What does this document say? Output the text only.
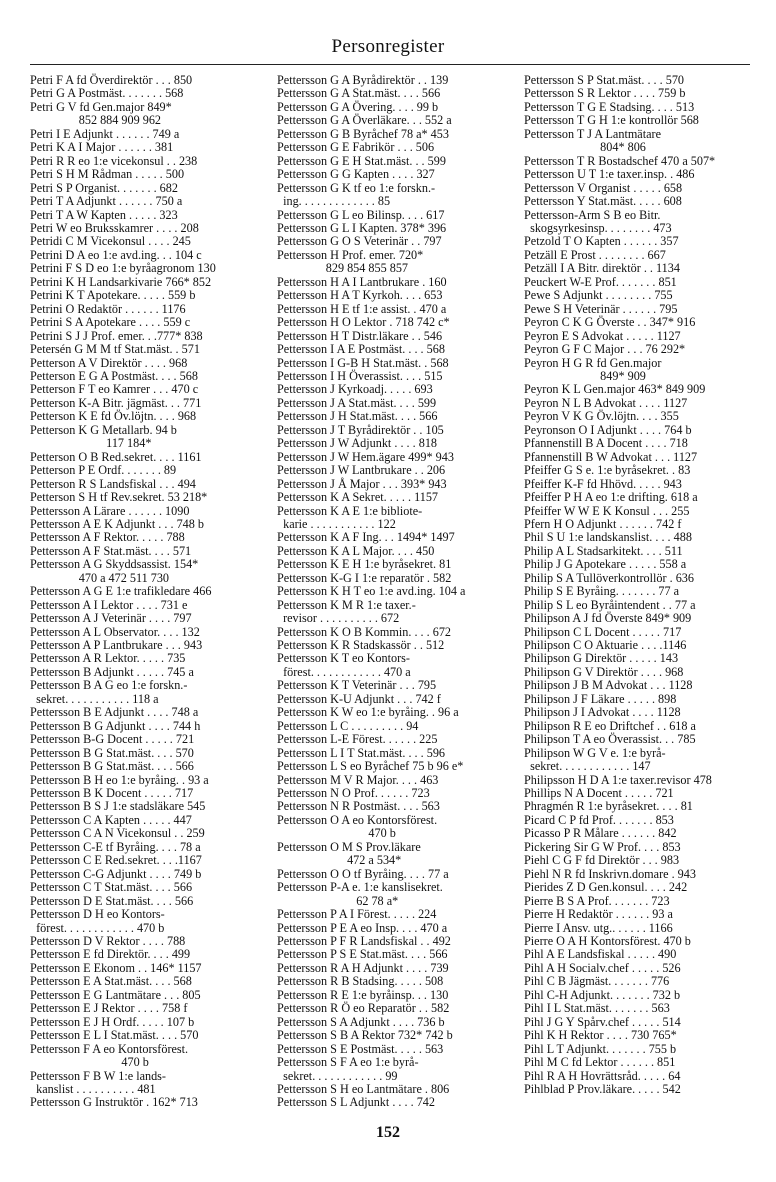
Personregister
Petri F A fd Överdirektör . . . 850
Petri G A Postmäst. . . . . . . 568
Petri G V fd Gen.major 849*
852 884 909 962
Petri I E Adjunkt . . . . . . 749 a
Petri K A I Major . . . . . . 381
Petri R R eo 1:e vicekonsul . . 238
Petri S H M Rådman . . . . . 500
Petri S P Organist. . . . . . . 682
Petri T A Adjunkt . . . . . . 750 a
Petri T A W Kapten . . . . . 323
Petri W eo Bruksskamrer . . . . 208
Petridi C M Vicekonsul . . . . 245
Petrini D A eo 1:e avd.ing. . . 104 c
Petrini F S D eo 1:e byråagronom 130
Petrini K H Landsarkivarie 766* 852
Petrini K T Apotekare. . . . . 559 b
Petrini O Redaktör . . . . . . 1176
Petrini S A Apotekare . . . . 559 c
Petrini S J J Prof. emer. . .777* 838
Petersén G M M tf Stat.mäst. . 571
Petterson A V Direktör . . . . 968
Petterson E G A Postmäst. . . . 568
Petterson F T eo Kamrer . . . 470 c
Petterson K-A Bitr. jägmäst. . . 771
Petterson K E fd Öv.löjtn. . . . 968
Petterson K G Metallarb. 94 b
117 184*
Petterson O B Red.sekret. . . . 1161
Petterson P E Ordf. . . . . . . 89
Petterson R S Landsfiskal . . . 494
Petterson S H tf Rev.sekret. 53 218*
Pettersson A Lärare . . . . . . 1090
Pettersson A E K Adjunkt . . . 748 b
Pettersson A F Rektor. . . . . 788
Pettersson A F Stat.mäst. . . . 571
Pettersson A G Skyddsassist. 154*
470 a 472 511 730
Pettersson A G E 1:e trafikledare 466
Pettersson A I Lektor . . . . 731 e
Pettersson A J Veterinär . . . . 797
Pettersson A L Observator. . . . 132
Pettersson A P Lantbrukare . . . 943
Pettersson A R Lektor. . . . . 735
Pettersson B Adjunkt . . . . . 745 a
Pettersson B A G eo 1:e forskn.-
sekret. . . . . . . . . . . 118 a
Pettersson B E Adjunkt . . . . 748 a
Pettersson B G Adjunkt . . . . 744 h
Pettersson B-G Docent . . . . . 721
Pettersson B G Stat.mäst. . . . 570
Pettersson B G Stat.mäst. . . . 566
Pettersson B H eo 1:e byråing. . 93 a
Pettersson B K Docent . . . . . 717
Pettersson B S J 1:e stadsläkare 545
Pettersson C A Kapten . . . . . 447
Pettersson C A N Vicekonsul . . 259
Pettersson C-E tf Byråing. . . . 78 a
Pettersson C E Red.sekret. . . .1167
Pettersson C-G Adjunkt . . . . 749 b
Pettersson C T Stat.mäst. . . . 566
Pettersson D E Stat.mäst. . . . 566
Pettersson D H eo Kontors-
förest. . . . . . . . . . . . 470 b
Pettersson D V Rektor . . . . 788
Pettersson E fd Direktör. . . . 499
Pettersson E Ekonom . . 146* 1157
Pettersson E A Stat.mäst. . . . 568
Pettersson E G Lantmätare . . . 805
Pettersson E J Rektor . . . . 758 f
Pettersson E J H Ordf. . . . . 107 b
Pettersson E L I Stat.mäst. . . . 570
Pettersson F A eo Kontorsförest.
470 b
Pettersson F B W 1:e lands-
kanslist . . . . . . . . . . 481
Pettersson G Instruktör . 162* 713
Pettersson G A Byrådirektör . . 139
Pettersson G A Stat.mäst. . . . 566
Pettersson G A Övering. . . . 99 b
Pettersson G A Överläkare. . . 552 a
Pettersson G B Byråchef 78 a* 453
Pettersson G E Fabrikör . . . 506
Pettersson G E H Stat.mäst. . . 599
Pettersson G G Kapten . . . . 327
Pettersson G K tf eo 1:e forskn.-
ing. . . . . . . . . . . . . 85
Pettersson G L eo Bilinsp. . . . 617
Pettersson G L I Kapten. 378* 396
Pettersson G O S Veterinär . . 797
Pettersson H Prof. emer. 720*
829 854 855 857
Pettersson H A I Lantbrukare . 160
Pettersson H A T Kyrkoh. . . . 653
Pettersson H E tf 1:e assist. . 470 a
Pettersson H O Lektor . 718 742 c*
Pettersson H T Distr.läkare . . 546
Pettersson I A E Postmäst. . . . 568
Pettersson I G-B H Stat.mäst. . 568
Pettersson I H Överassist. . . . 515
Pettersson J Kyrkoadj. . . . . 693
Pettersson J A Stat.mäst. . . . 599
Pettersson J H Stat.mäst. . . . 566
Pettersson J T Byrådirektör . . 105
Pettersson J W Adjunkt . . . . 818
Pettersson J W Hem.ägare 499* 943
Pettersson J W Lantbrukare . . 206
Pettersson J Å Major . . . 393* 943
Pettersson K A Sekret. . . . . 1157
Pettersson K A E 1:e bibliote-
karie . . . . . . . . . . . 122
Pettersson K A F Ing. . . 1494* 1497
Pettersson K A L Major. . . . 450
Pettersson K E H 1:e byråsekret. 81
Pettersson K-G I 1:e reparatör . 582
Pettersson K H T eo 1:e avd.ing. 104 a
Pettersson K M R 1:e taxer.-
revisor . . . . . . . . . . 672
Pettersson K O B Kommin. . . . 672
Pettersson K R Stadskassör . . 512
Pettersson K T eo Kontors-
förest. . . . . . . . . . . . 470 a
Pettersson K T Veterinär . . . 795
Pettersson K-U Adjunkt . . . 742 f
Pettersson K W eo 1:e byråing. . 96 a
Pettersson L C . . . . . . . . . 94
Pettersson L-E Förest. . . . . . 225
Pettersson L I T Stat.mäst. . . . 596
Pettersson L S eo Byråchef 75 b 96 e*
Pettersson M V R Major. . . . 463
Pettersson N O Prof. . . . . . 723
Pettersson N R Postmäst. . . . 563
Pettersson O A eo Kontorsförest.
470 b
Pettersson O M S Prov.läkare
472 a 534*
Pettersson O O tf Byråing. . . . 77 a
Pettersson P-A e. 1:e kanslisekret.
62 78 a*
Pettersson P A I Förest. . . . . 224
Pettersson P E A eo Insp. . . . 470 a
Pettersson P F R Landsfiskal . . 492
Pettersson P S E Stat.mäst. . . . 566
Pettersson R A H Adjunkt . . . . 739
Pettersson R B Stadsing. . . . . 508
Pettersson R E 1:e byråinsp. . . 130
Pettersson R Ö eo Reparatör . . 582
Pettersson S A Adjunkt . . . . 736 b
Pettersson S B A Rektor 732* 742 b
Pettersson S E Postmäst. . . . . 563
Pettersson S F A eo 1:e byrå-
sekret. . . . . . . . . . . . 99
Pettersson S H eo Lantmätare . 806
Pettersson S L Adjunkt . . . . 742
Pettersson S P Stat.mäst. . . . 570
Pettersson S R Lektor . . . . 759 b
Pettersson T G E Stadsing. . . . 513
Pettersson T G H 1:e kontrollör 568
Pettersson T J A Lantmätare
804* 806
Pettersson T R Bostadschef 470 a 507*
Pettersson U T 1:e taxer.insp. . 486
Pettersson V Organist . . . . . 658
Pettersson Y Stat.mäst. . . . . 608
Pettersson-Arm S B eo Bitr.
skogsyrkesinsp. . . . . . . . 473
Petzold T O Kapten . . . . . . 357
Petzäll E Prost . . . . . . . . 667
Petzäll I A Bitr. direktör . . 1134
Peuckert W-E Prof. . . . . . . 851
Pewe S Adjunkt . . . . . . . . 755
Pewe S H Veterinär . . . . . . 795
Peyron C K G Överste . . 347* 916
Peyron E S Advokat . . . . . 1127
Peyron G F C Major . . . 76 292*
Peyron H G R fd Gen.major
849* 909
Peyron K L Gen.major 463* 849 909
Peyron N L B Advokat . . . . 1127
Peyron V K G Öv.löjtn. . . . 355
Peyronson O I Adjunkt . . . . 764 b
Pfannenstill B A Docent . . . . 718
Pfannenstill B W Advokat . . . 1127
Pfeiffer G S e. 1:e byråsekret. . 83
Pfeiffer K-F fd Hhövd. . . . . 943
Pfeiffer P H A eo 1:e drifting. 618 a
Pfeiffer W W E K Konsul . . . 255
Pfern H O Adjunkt . . . . . . 742 f
Phil S U 1:e landskanslist. . . . 488
Philip A L Stadsarkitekt. . . . 511
Philip J G Apotekare . . . . . 558 a
Philip S A Tullöverkontrollör . 636
Philip S E Byråing. . . . . . . 77 a
Philip S L eo Byråintendent . . 77 a
Philipson A J fd Överste 849* 909
Philipson C L Docent . . . . . 717
Philipson C O Aktuarie . . . .1146
Philipson G Direktör . . . . . 143
Philipson G V Direktör . . . . 968
Philipson J B M Advokat . . . 1128
Philipson J F Läkare . . . . . 898
Philipson J I Advokat . . . . 1128
Philipson R E eo Driftchef . . 618 a
Philipson T A eo Överassist. . . 785
Philipson W G V e. 1:e byrå-
sekret. . . . . . . . . . . . 147
Philipsson H D A 1:e taxer.revisor 478
Phillips N A Docent . . . . . 721
Phragmén R 1:e byråsekret. . . . 81
Picard C P fd Prof. . . . . . . 853
Picasso P R Målare . . . . . . 842
Pickering Sir G W Prof. . . . 853
Piehl C G F fd Direktör . . . 983
Piehl N R fd Inskrivn.domare . 943
Pierides Z D Gen.konsul. . . . 242
Pierre B S A Prof. . . . . . . 723
Pierre H Redaktör . . . . . . 93 a
Pierre I Ansv. utg.. . . . . . 1166
Pierre O A H Kontorsförest. 470 b
Pihl A E Landsfiskal . . . . . 490
Pihl A H Socialv.chef . . . . . 526
Pihl C B Jägmäst. . . . . . . 776
Pihl C-H Adjunkt. . . . . . . 732 b
Pihl I L Stat.mäst. . . . . . . 563
Pihl J G Y Spårv.chef . . . . . 514
Pihl K H Rektor . . . . 730 765*
Pihl L T Adjunkt. . . . . . . 755 b
Pihl M C fd Lektor . . . . . . 851
Pihl R A H Hovrättsråd. . . . . 64
Pihlblad P Prov.läkare. . . . . 542
152
